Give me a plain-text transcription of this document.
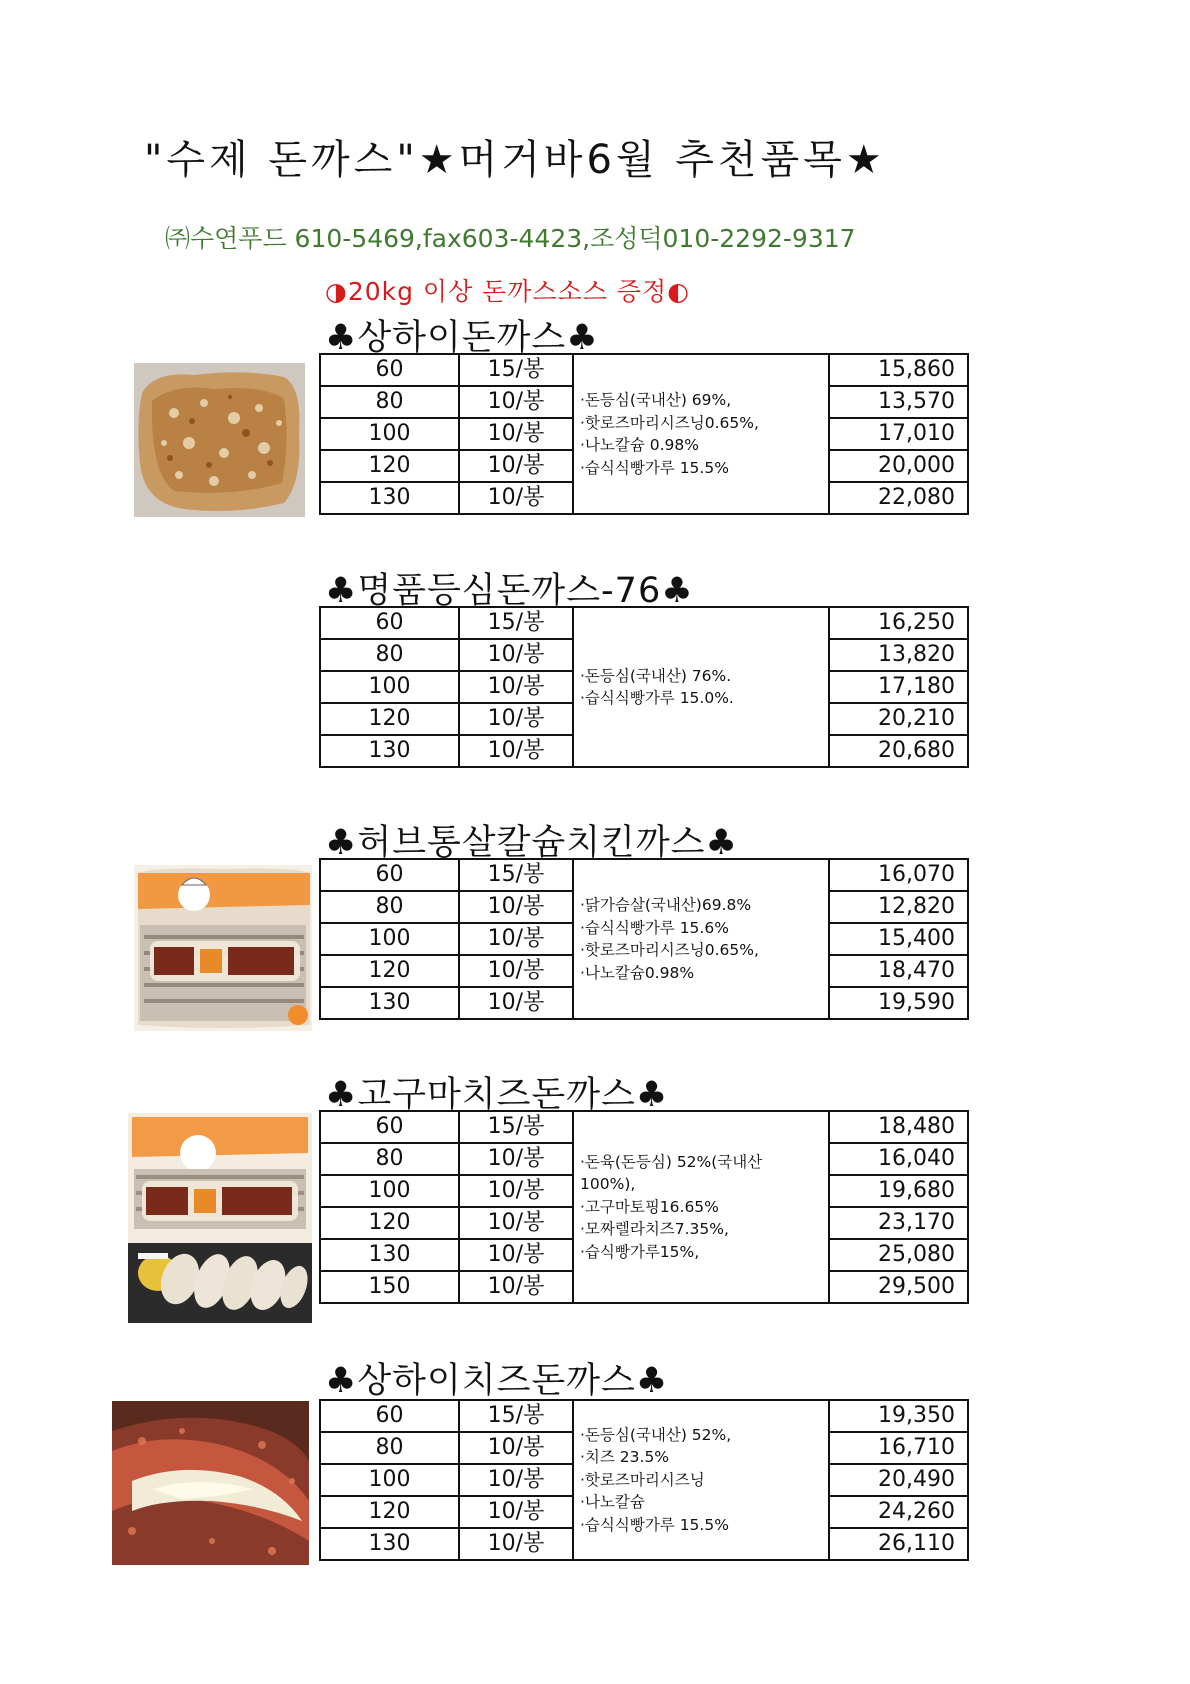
"수제 돈까스"★머거바6월 추천품목★
㈜수연푸드 610-5469,fax603-4423,조성덕010-2292-9317
◑20kg 이상 돈까스소스 증정◐
♣상하이돈까스♣
60	15/봉	·돈등심(국내산) 69%,
·핫로즈마리시즈닝0.65%,
·나노칼슘 0.98%
·습식식빵가루 15.5%	15,860
80	10/봉		13,570
100	10/봉		17,010
120	10/봉		20,000
130	10/봉		22,080
♣명품등심돈까스-76♣
60	15/봉	·돈등심(국내산) 76%.
·습식식빵가루 15.0%.	16,250
80	10/봉		13,820
100	10/봉		17,180
120	10/봉		20,210
130	10/봉		20,680
♣허브통살칼슘치킨까스♣
60	15/봉	·닭가슴살(국내산)69.8%
·습식식빵가루 15.6%
·핫로즈마리시즈닝0.65%,
·나노칼슘0.98%	16,070
80	10/봉		12,820
100	10/봉		15,400
120	10/봉		18,470
130	10/봉		19,590
♣고구마치즈돈까스♣
60	15/봉	·돈육(돈등심) 52%(국내산
100%),
·고구마토핑16.65%
·모짜렐라치즈7.35%,
·습식빵가루15%,	18,480
80	10/봉		16,040
100	10/봉		19,680
120	10/봉		23,170
130	10/봉		25,080
150	10/봉		29,500
♣상하이치즈돈까스♣
60	15/봉	·돈등심(국내산) 52%,
·치즈 23.5%
·핫로즈마리시즈닝
·나노칼슘
·습식식빵가루 15.5%	19,350
80	10/봉		16,710
100	10/봉		20,490
120	10/봉		24,260
130	10/봉		26,110
